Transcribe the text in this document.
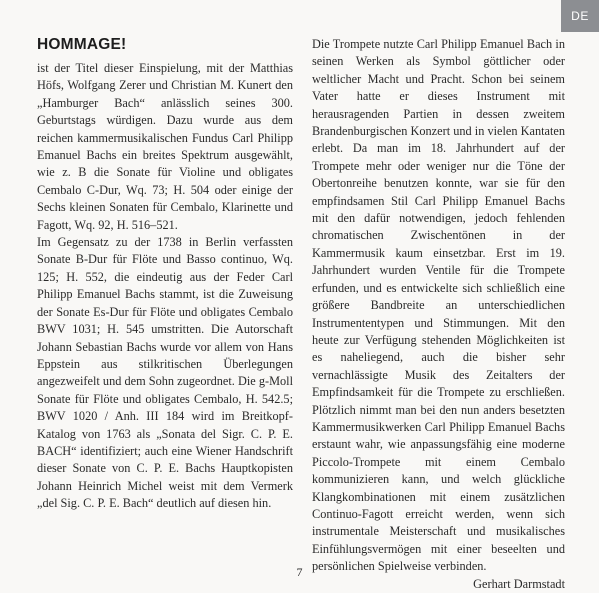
DE
HOMMAGE!

ist der Titel dieser Einspielung, mit der Matthias Höfs, Wolfgang Zerer und Christian M. Kunert den „Hamburger Bach“ anlässlich seines 300. Geburtstags würdigen. Dazu wurde aus dem reichen kammermusikalischen Fundus Carl Philipp Emanuel Bachs ein breites Spektrum ausgewählt, wie z. B die Sonate für Violine und obligates Cembalo C-Dur, Wq. 73; H. 504 oder einige der Sechs kleinen Sonaten für Cembalo, Klarinette und Fagott, Wq. 92, H. 516–521.

Im Gegensatz zu der 1738 in Berlin verfassten Sonate B-Dur für Flöte und Basso continuo, Wq. 125; H. 552, die eindeutig aus der Feder Carl Philipp Emanuel Bachs stammt, ist die Zuweisung der Sonate Es-Dur für Flöte und obligates Cembalo BWV 1031; H. 545 umstritten. Die Autorschaft Johann Sebastian Bachs wurde vor allem von Hans Eppstein aus stilkritischen Überlegungen angezweifelt und dem Sohn zugeordnet. Die g-Moll Sonate für Flöte und obligates Cembalo, H. 542.5; BWV 1020 / Anh. III 184 wird im Breitkopf-Katalog von 1763 als „Sonata del Sigr. C. P. E. BACH“ identifiziert; auch eine Wiener Handschrift dieser Sonate von C. P. E. Bachs Hauptkopisten Johann Heinrich Michel weist mit dem Vermerk „del Sig. C. P. E. Bach“ deutlich auf diesen hin.

Die Trompete nutzte Carl Philipp Emanuel Bach in seinen Werken als Symbol göttlicher oder weltlicher Macht und Pracht. Schon bei seinem Vater hatte er dieses Instrument mit herausragenden Partien in dessen zweitem Brandenburgischen Konzert und in vielen Kantaten erlebt. Da man im 18. Jahrhundert auf der Trompete mehr oder weniger nur die Töne der Obertonreihe benutzen konnte, war sie für den empfindsamen Stil Carl Philipp Emanuel Bachs mit den dafür notwendigen, jedoch fehlenden chromatischen Zwischentönen in der Kammermusik kaum einsetzbar. Erst im 19. Jahrhundert wurden Ventile für die Trompete erfunden, und es entwickelte sich schließlich eine größere Bandbreite an unterschiedlichen Instrumententypen und Stimmungen. Mit den heute zur Verfügung stehenden Möglichkeiten ist es naheliegend, auch die bisher sehr vernachlässigte Musik des Zeitalters der Empfindsamkeit für die Trompete zu erschließen. Plötzlich nimmt man bei den nun anders besetzten Kammermusikwerken Carl Philipp Emanuel Bachs erstaunt wahr, wie anpassungsfähig eine moderne Piccolo-Trompete mit einem Cembalo kommunizieren kann, und welch glückliche Klangkombinationen mit einem zusätzlichen Continuo-Fagott erreicht werden, wenn sich instrumentale Meisterschaft und musikalisches Einfühlungsvermögen mit einer beseelten und persönlichen Spielweise verbinden.

Gerhart Darmstadt

7
